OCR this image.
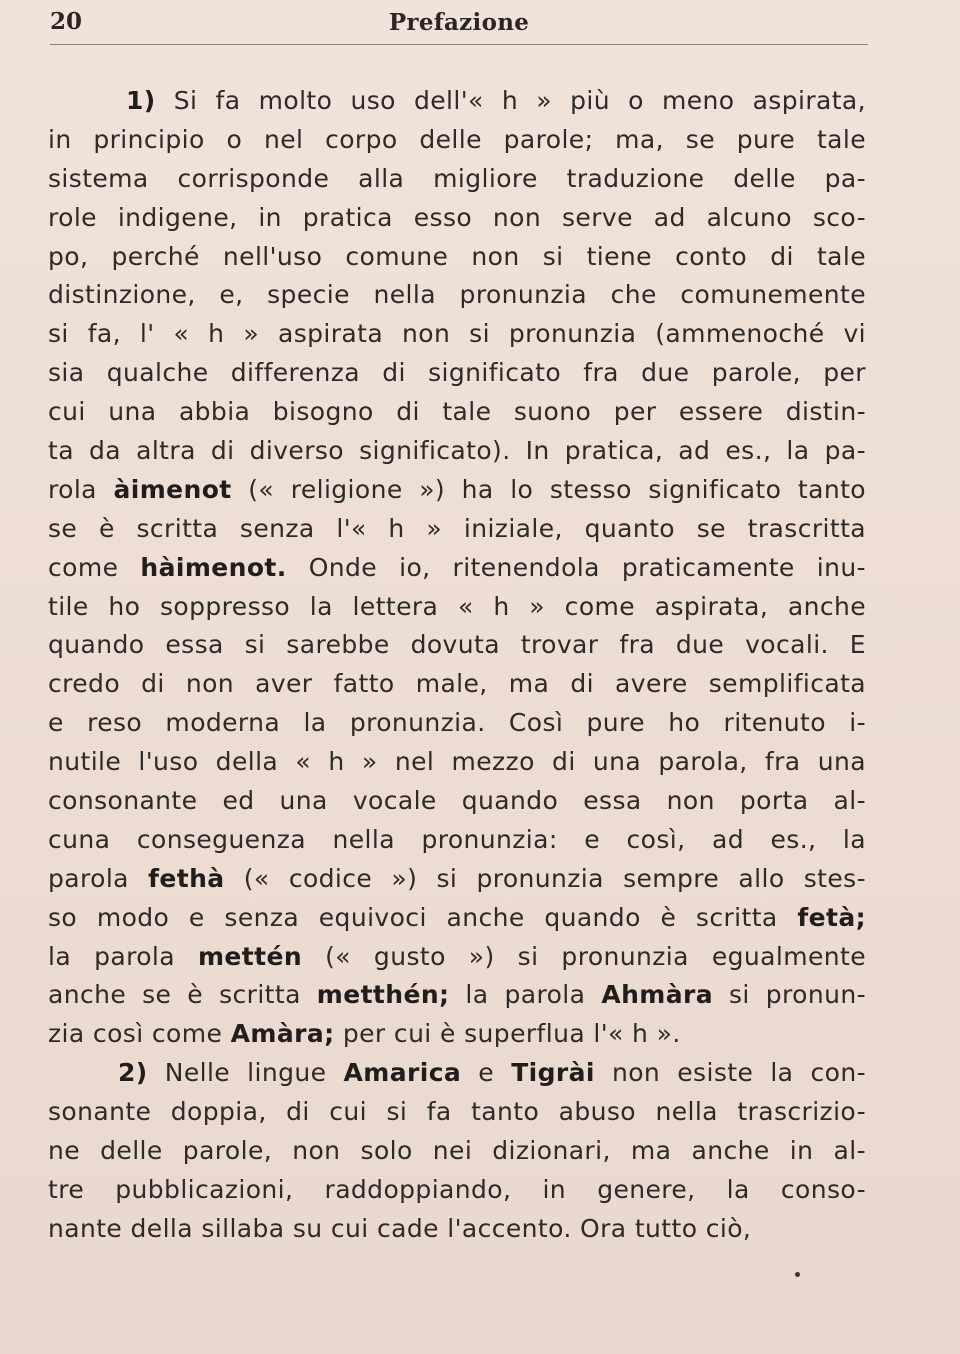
20	Prefazione
1) Si fa molto uso dell'« h » più o meno aspirata,
in principio o nel corpo delle parole; ma, se pure tale
sistema corrisponde alla migliore traduzione delle pa-
role indigene, in pratica esso non serve ad alcuno sco-
po, perché nell'uso comune non si tiene conto di tale
distinzione, e, specie nella pronunzia che comunemente
si fa, l' « h » aspirata non si pronunzia (ammenoché vi
sia qualche differenza di significato fra due parole, per
cui una abbia bisogno di tale suono per essere distin-
ta da altra di diverso significato). In pratica, ad es., la pa-
rola àimenot (« religione ») ha lo stesso significato tanto
se è scritta senza l'« h » iniziale, quanto se trascritta
come hàimenot. Onde io, ritenendola praticamente inu-
tile ho soppresso la lettera « h » come aspirata, anche
quando essa si sarebbe dovuta trovar fra due vocali. E
credo di non aver fatto male, ma di avere semplificata
e reso moderna la pronunzia. Così pure ho ritenuto i-
nutile l'uso della « h » nel mezzo di una parola, fra una
consonante ed una vocale quando essa non porta al-
cuna conseguenza nella pronunzia: e così, ad es., la
parola fethà (« codice ») si pronunzia sempre allo stes-
so modo e senza equivoci anche quando è scritta fetà;
la parola mettén (« gusto ») si pronunzia egualmente
anche se è scritta metthén; la parola Ahmàra si pronun-
zia così come Amàra; per cui è superflua l'« h ».
2) Nelle lingue Amarica e Tigrài non esiste la con-
sonante doppia, di cui si fa tanto abuso nella trascrizio-
ne delle parole, non solo nei dizionari, ma anche in al-
tre pubblicazioni, raddoppiando, in genere, la conso-
nante della sillaba su cui cade l'accento. Ora tutto ciò,
